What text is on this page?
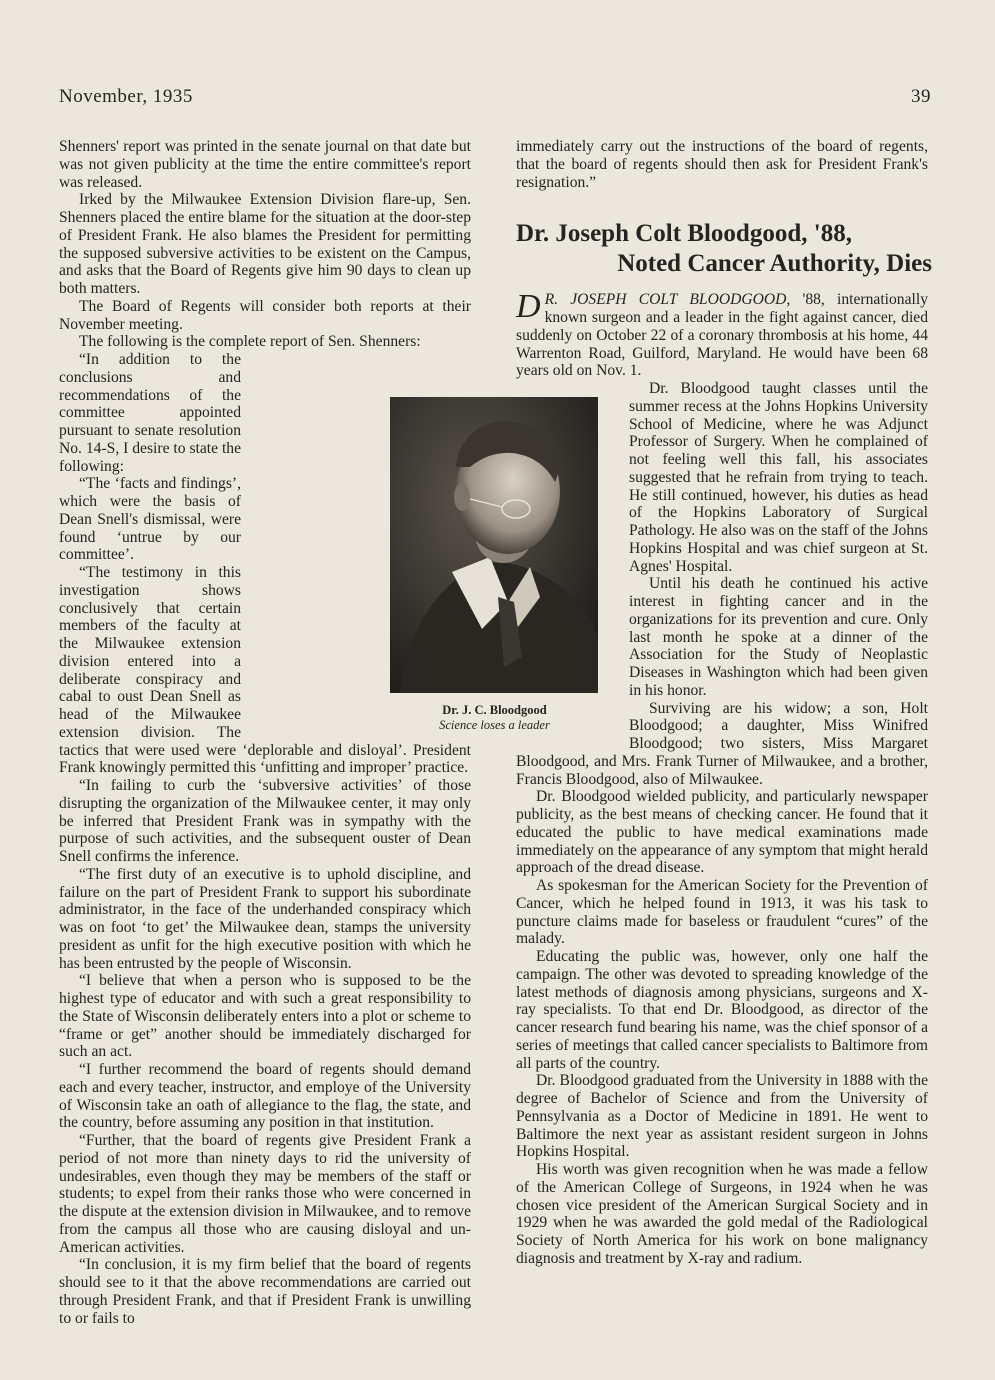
November, 1935	39

Shenners' report was printed in the senate journal on that date but was not given publicity at the time the entire committee's report was released.

Irked by the Milwaukee Extension Division flare-up, Sen. Shenners placed the entire blame for the situation at the door-step of President Frank. He also blames the President for permitting the supposed subversive activities to be existent on the Campus, and asks that the Board of Regents give him 90 days to clean up both matters.

The Board of Regents will consider both reports at their November meeting.

The following is the complete report of Sen. Shenners:

“In addition to the conclusions and recommendations of the committee appointed pursuant to senate resolution No. 14-S, I desire to state the following:

“The ‘facts and findings’, which were the basis of Dean Snell's dismissal, were found ‘untrue by our committee’.

“The testimony in this investigation shows conclusively that certain members of the faculty at the Milwaukee extension division entered into a deliberate conspiracy and cabal to oust Dean Snell as head of the Milwaukee extension division. The tactics that were used were ‘deplorable and disloyal’. President Frank knowingly permitted this ‘unfitting and improper’ practice.

“In failing to curb the ‘subversive activities’ of those disrupting the organization of the Milwaukee center, it may only be inferred that President Frank was in sympathy with the purpose of such activities, and the subsequent ouster of Dean Snell confirms the inference.

“The first duty of an executive is to uphold discipline, and failure on the part of President Frank to support his subordinate administrator, in the face of the underhanded conspiracy which was on foot ‘to get’ the Milwaukee dean, stamps the university president as unfit for the high executive position with which he has been entrusted by the people of Wisconsin.

“I believe that when a person who is supposed to be the highest type of educator and with such a great responsibility to the State of Wisconsin deliberately enters into a plot or scheme to “frame or get” another should be immediately discharged for such an act.

“I further recommend the board of regents should demand each and every teacher, instructor, and employe of the University of Wisconsin take an oath of allegiance to the flag, the state, and the country, before assuming any position in that institution.

“Further, that the board of regents give President Frank a period of not more than ninety days to rid the university of undesirables, even though they may be members of the staff or students; to expel from their ranks those who were concerned in the dispute at the extension division in Milwaukee, and to remove from the campus all those who are causing disloyal and un-American activities.

“In conclusion, it is my firm belief that the board of regents should see to it that the above recommendations are carried out through President Frank, and that if President Frank is unwilling to or fails to

immediately carry out the instructions of the board of regents, that the board of regents should then ask for President Frank's resignation.”

Dr. Joseph Colt Bloodgood, '88,
Noted Cancer Authority, Dies

D R. JOSEPH COLT BLOODGOOD, '88, internationally known surgeon and a leader in the fight against cancer, died suddenly on October 22 of a coronary thrombosis at his home, 44 Warrenton Road, Guilford, Maryland. He would have been 68 years old on Nov. 1.

Dr. Bloodgood taught classes until the summer recess at the Johns Hopkins University School of Medicine, where he was Adjunct Professor of Surgery. When he complained of not feeling well this fall, his associates suggested that he refrain from trying to teach. He still continued, however, his duties as head of the Hopkins Laboratory of Surgical Pathology. He also was on the staff of the Johns Hopkins Hospital and was chief surgeon at St. Agnes' Hospital.

Until his death he continued his active interest in fighting cancer and in the organizations for its prevention and cure. Only last month he spoke at a dinner of the Association for the Study of Neoplastic Diseases in Washington which had been given in his honor.

Surviving are his widow; a son, Holt Bloodgood; a daughter, Miss Winifred Bloodgood; two sisters, Miss Margaret Bloodgood, and Mrs. Frank Turner of Milwaukee, and a brother, Francis Bloodgood, also of Milwaukee.

Dr. Bloodgood wielded publicity, and particularly newspaper publicity, as the best means of checking cancer. He found that it educated the public to have medical examinations made immediately on the appearance of any symptom that might herald approach of the dread disease.

As spokesman for the American Society for the Prevention of Cancer, which he helped found in 1913, it was his task to puncture claims made for baseless or fraudulent “cures” of the malady.

Educating the public was, however, only one half the campaign. The other was devoted to spreading knowledge of the latest methods of diagnosis among physicians, surgeons and X-ray specialists. To that end Dr. Bloodgood, as director of the cancer research fund bearing his name, was the chief sponsor of a series of meetings that called cancer specialists to Baltimore from all parts of the country.

Dr. Bloodgood graduated from the University in 1888 with the degree of Bachelor of Science and from the University of Pennsylvania as a Doctor of Medicine in 1891. He went to Baltimore the next year as assistant resident surgeon in Johns Hopkins Hospital.

His worth was given recognition when he was made a fellow of the American College of Surgeons, in 1924 when he was chosen vice president of the American Surgical Society and in 1929 when he was awarded the gold medal of the Radiological Society of North America for his work on bone malignancy diagnosis and treatment by X-ray and radium.

Dr. J. C. Bloodgood
Science loses a leader
